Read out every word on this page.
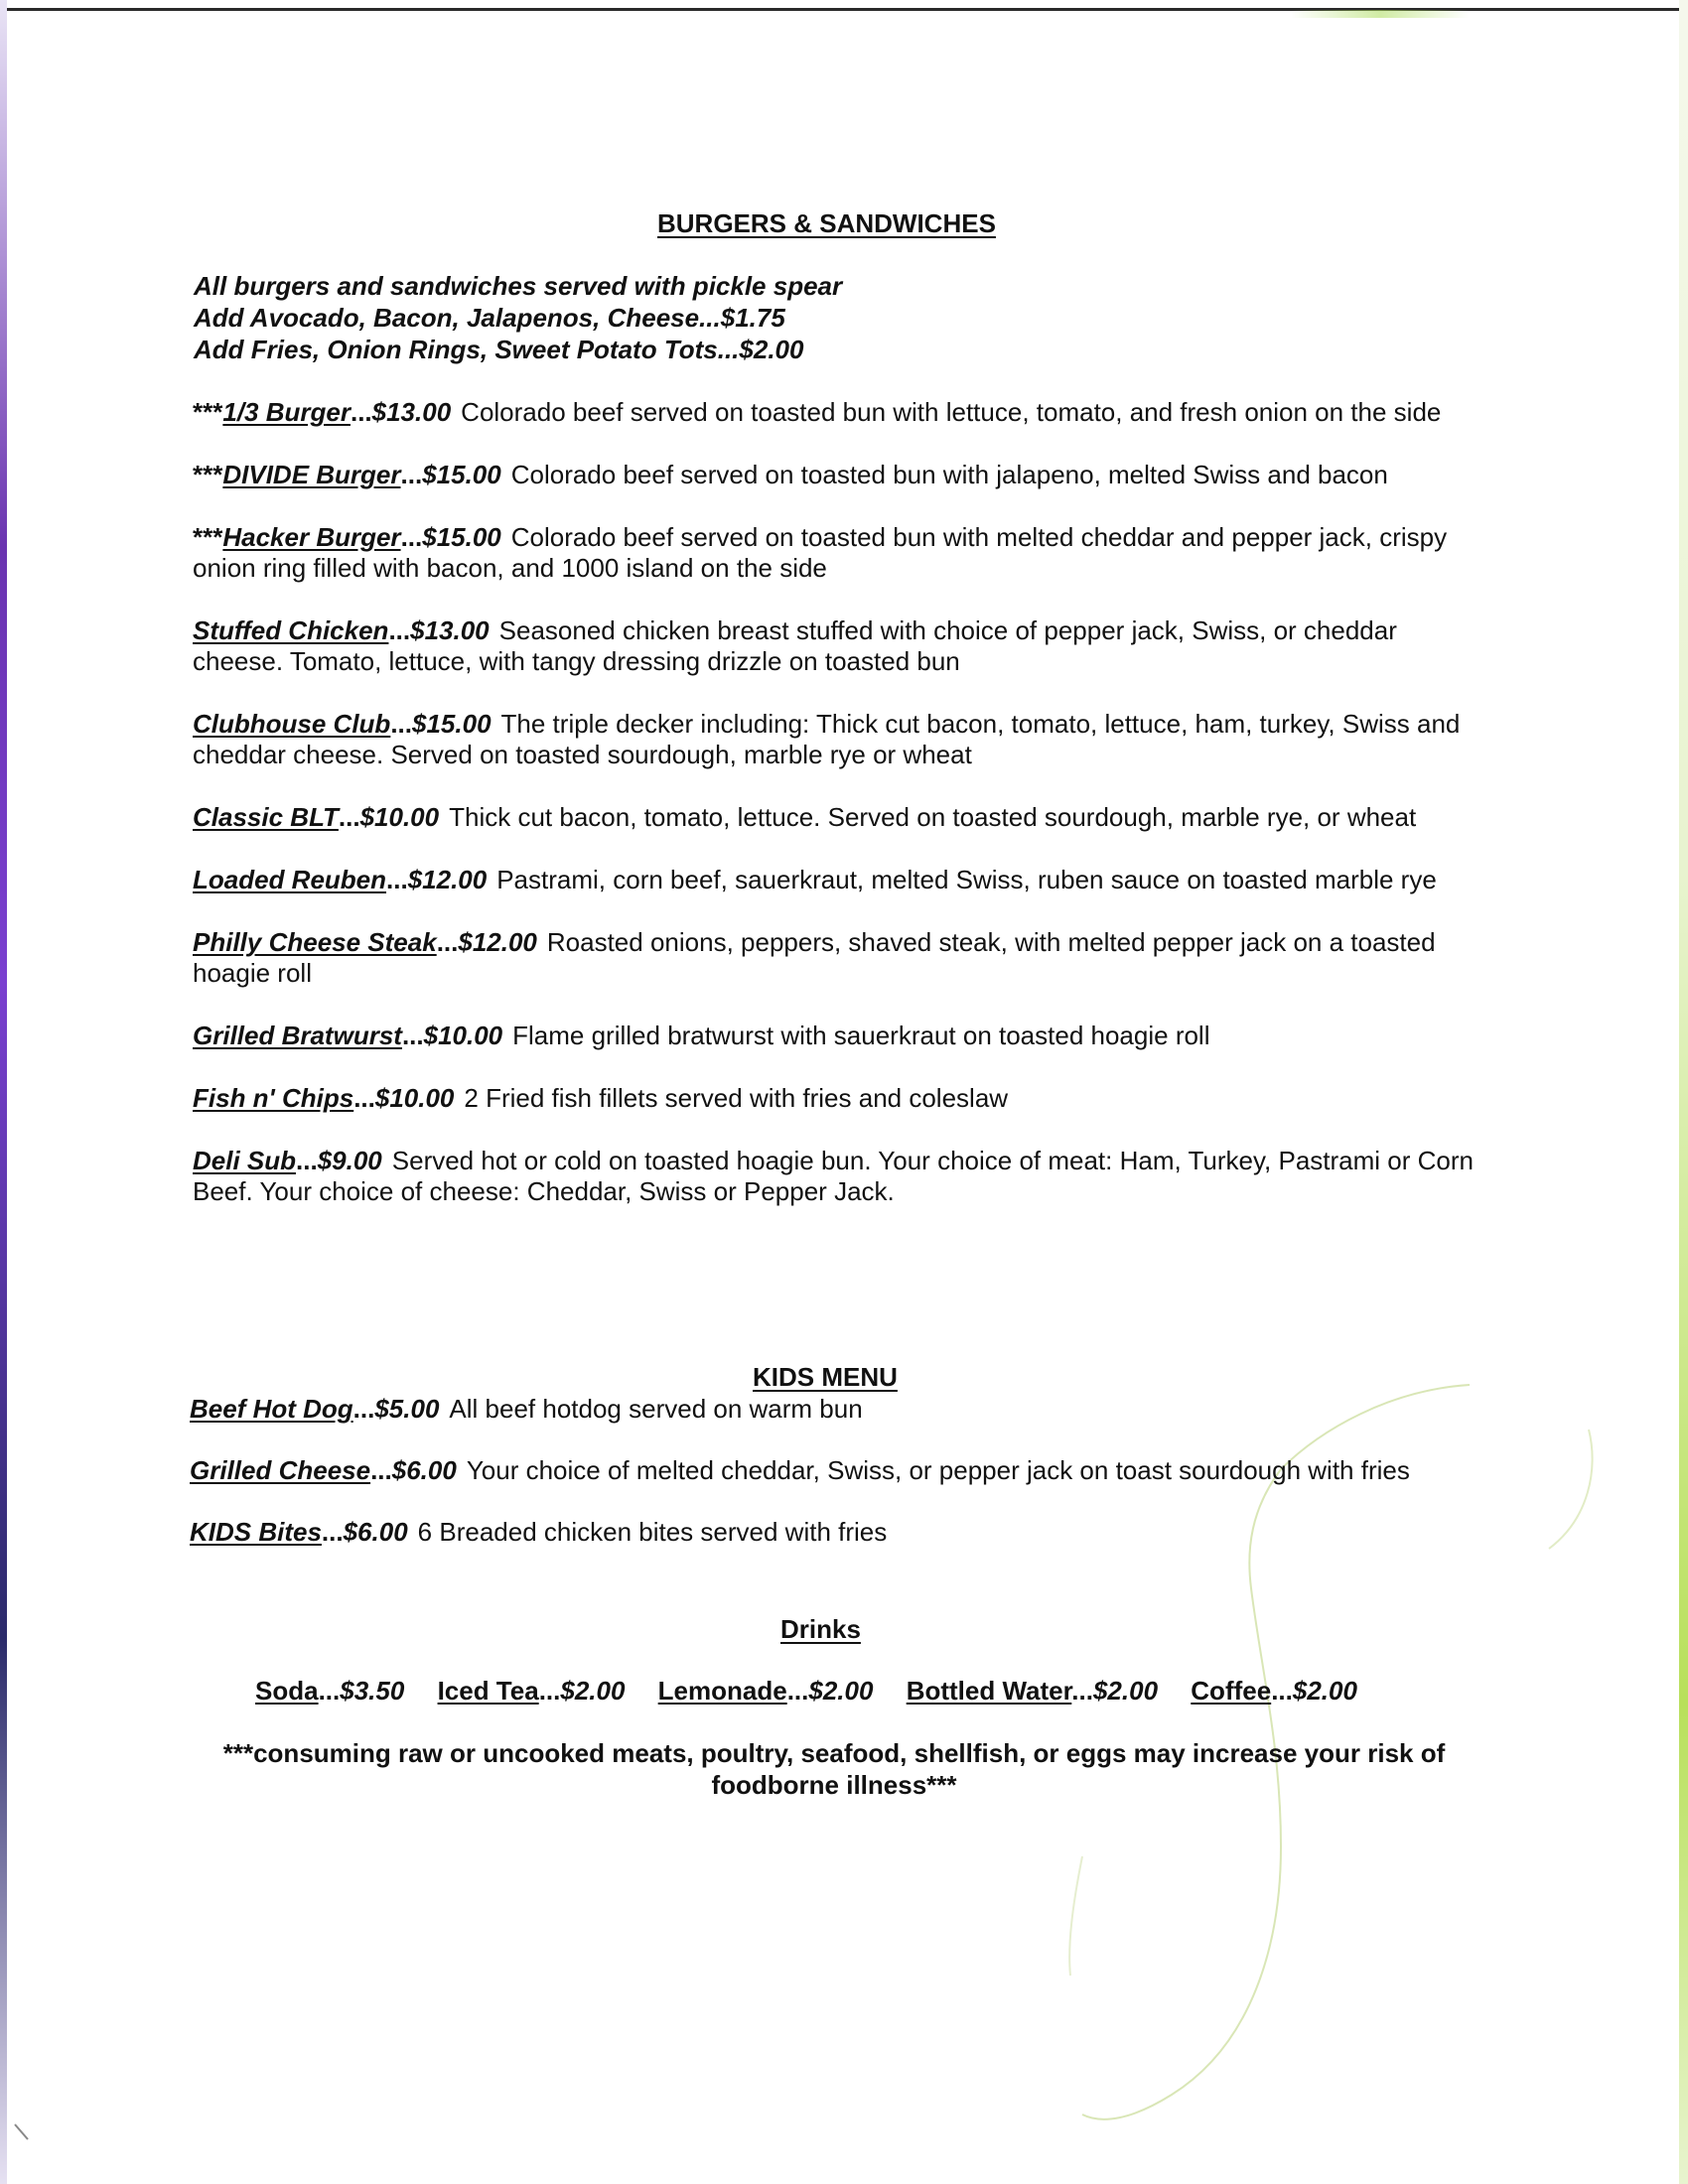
BURGERS & SANDWICHES
All burgers and sandwiches served with pickle spear
Add Avocado, Bacon, Jalapenos, Cheese...$1.75
Add Fries, Onion Rings, Sweet Potato Tots...$2.00
***1/3 Burger...$13.00 Colorado beef served on toasted bun with lettuce, tomato, and fresh onion on the side
***DIVIDE Burger...$15.00 Colorado beef served on toasted bun with jalapeno, melted Swiss and bacon
***Hacker Burger...$15.00 Colorado beef served on toasted bun with melted cheddar and pepper jack, crispy onion ring filled with bacon, and 1000 island on the side
Stuffed Chicken...$13.00 Seasoned chicken breast stuffed with choice of pepper jack, Swiss, or cheddar cheese. Tomato, lettuce, with tangy dressing drizzle on toasted bun
Clubhouse Club...$15.00 The triple decker including: Thick cut bacon, tomato, lettuce, ham, turkey, Swiss and cheddar cheese. Served on toasted sourdough, marble rye or wheat
Classic BLT...$10.00 Thick cut bacon, tomato, lettuce. Served on toasted sourdough, marble rye, or wheat
Loaded Reuben...$12.00 Pastrami, corn beef, sauerkraut, melted Swiss, ruben sauce on toasted marble rye
Philly Cheese Steak...$12.00 Roasted onions, peppers, shaved steak, with melted pepper jack on a toasted hoagie roll
Grilled Bratwurst...$10.00 Flame grilled bratwurst with sauerkraut on toasted hoagie roll
Fish n' Chips...$10.00 2 Fried fish fillets served with fries and coleslaw
Deli Sub...$9.00 Served hot or cold on toasted hoagie bun. Your choice of meat: Ham, Turkey, Pastrami or Corn Beef. Your choice of cheese: Cheddar, Swiss or Pepper Jack.
KIDS MENU
Beef Hot Dog...$5.00 All beef hotdog served on warm bun
Grilled Cheese...$6.00 Your choice of melted cheddar, Swiss, or pepper jack on toast sourdough with fries
KIDS Bites...$6.00 6 Breaded chicken bites served with fries
Drinks
Soda...$3.50 Iced Tea...$2.00 Lemonade...$2.00 Bottled Water...$2.00 Coffee...$2.00
***consuming raw or uncooked meats, poultry, seafood, shellfish, or eggs may increase your risk of foodborne illness***
